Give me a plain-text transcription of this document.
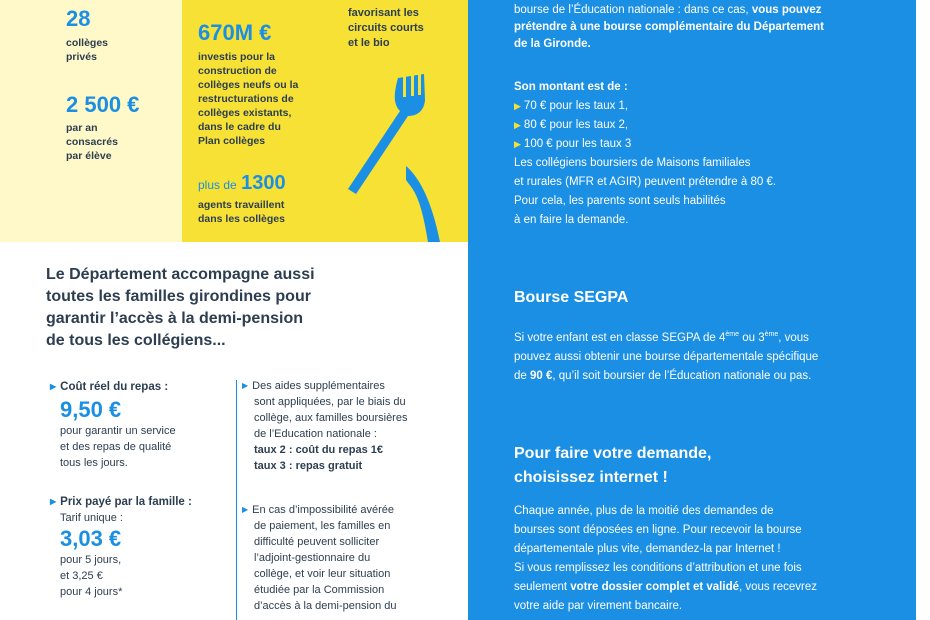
28
collèges
privés
2 500 €
par an
consacrés
par élève
670M €
investis pour la
construction de
collèges neufs ou la
restructurations de
collèges existants,
dans le cadre du
Plan collèges
plus de 1300
agents travaillent
dans les collèges
favorisant les
circuits courts
et le bio
Le Département accompagne aussi
toutes les familles girondines pour
garantir l’accès à la demi-pension
de tous les collégiens...
▶ Coût réel du repas :
9,50 €
pour garantir un service
et des repas de qualité
tous les jours.
▶ Prix payé par la famille :
Tarif unique :
3,03 €
pour 5 jours,
et 3,25 €
pour 4 jours*
▶ Des aides supplémentaires
sont appliquées, par le biais du
collège, aux familles boursières
de l’Education nationale :
taux 2 : coût du repas 1€
taux 3 : repas gratuit
▶ En cas d’impossibilité avérée
de paiement, les familles en
difficulté peuvent solliciter
l’adjoint-gestionnaire du
collège, et voir leur situation
étudiée par la Commission
d’accès à la demi-pension du
bourse de l’Éducation nationale : dans ce cas, vous pouvez
prétendre à une bourse complémentaire du Département
de la Gironde.
Son montant est de :
▶ 70 € pour les taux 1,
▶ 80 € pour les taux 2,
▶ 100 € pour les taux 3
Les collégiens boursiers de Maisons familiales
et rurales (MFR et AGIR) peuvent prétendre à 80 €.
Pour cela, les parents sont seuls habilités
à en faire la demande.
Bourse SEGPA
Si votre enfant est en classe SEGPA de 4ème ou 3ème, vous
pouvez aussi obtenir une bourse départementale spécifique
de 90 €, qu’il soit boursier de l’Éducation nationale ou pas.
Pour faire votre demande,
choisissez internet !
Chaque année, plus de la moitié des demandes de
bourses sont déposées en ligne. Pour recevoir la bourse
départementale plus vite, demandez-la par Internet !
Si vous remplissez les conditions d’attribution et une fois
seulement votre dossier complet et validé, vous recevrez
votre aide par virement bancaire.
